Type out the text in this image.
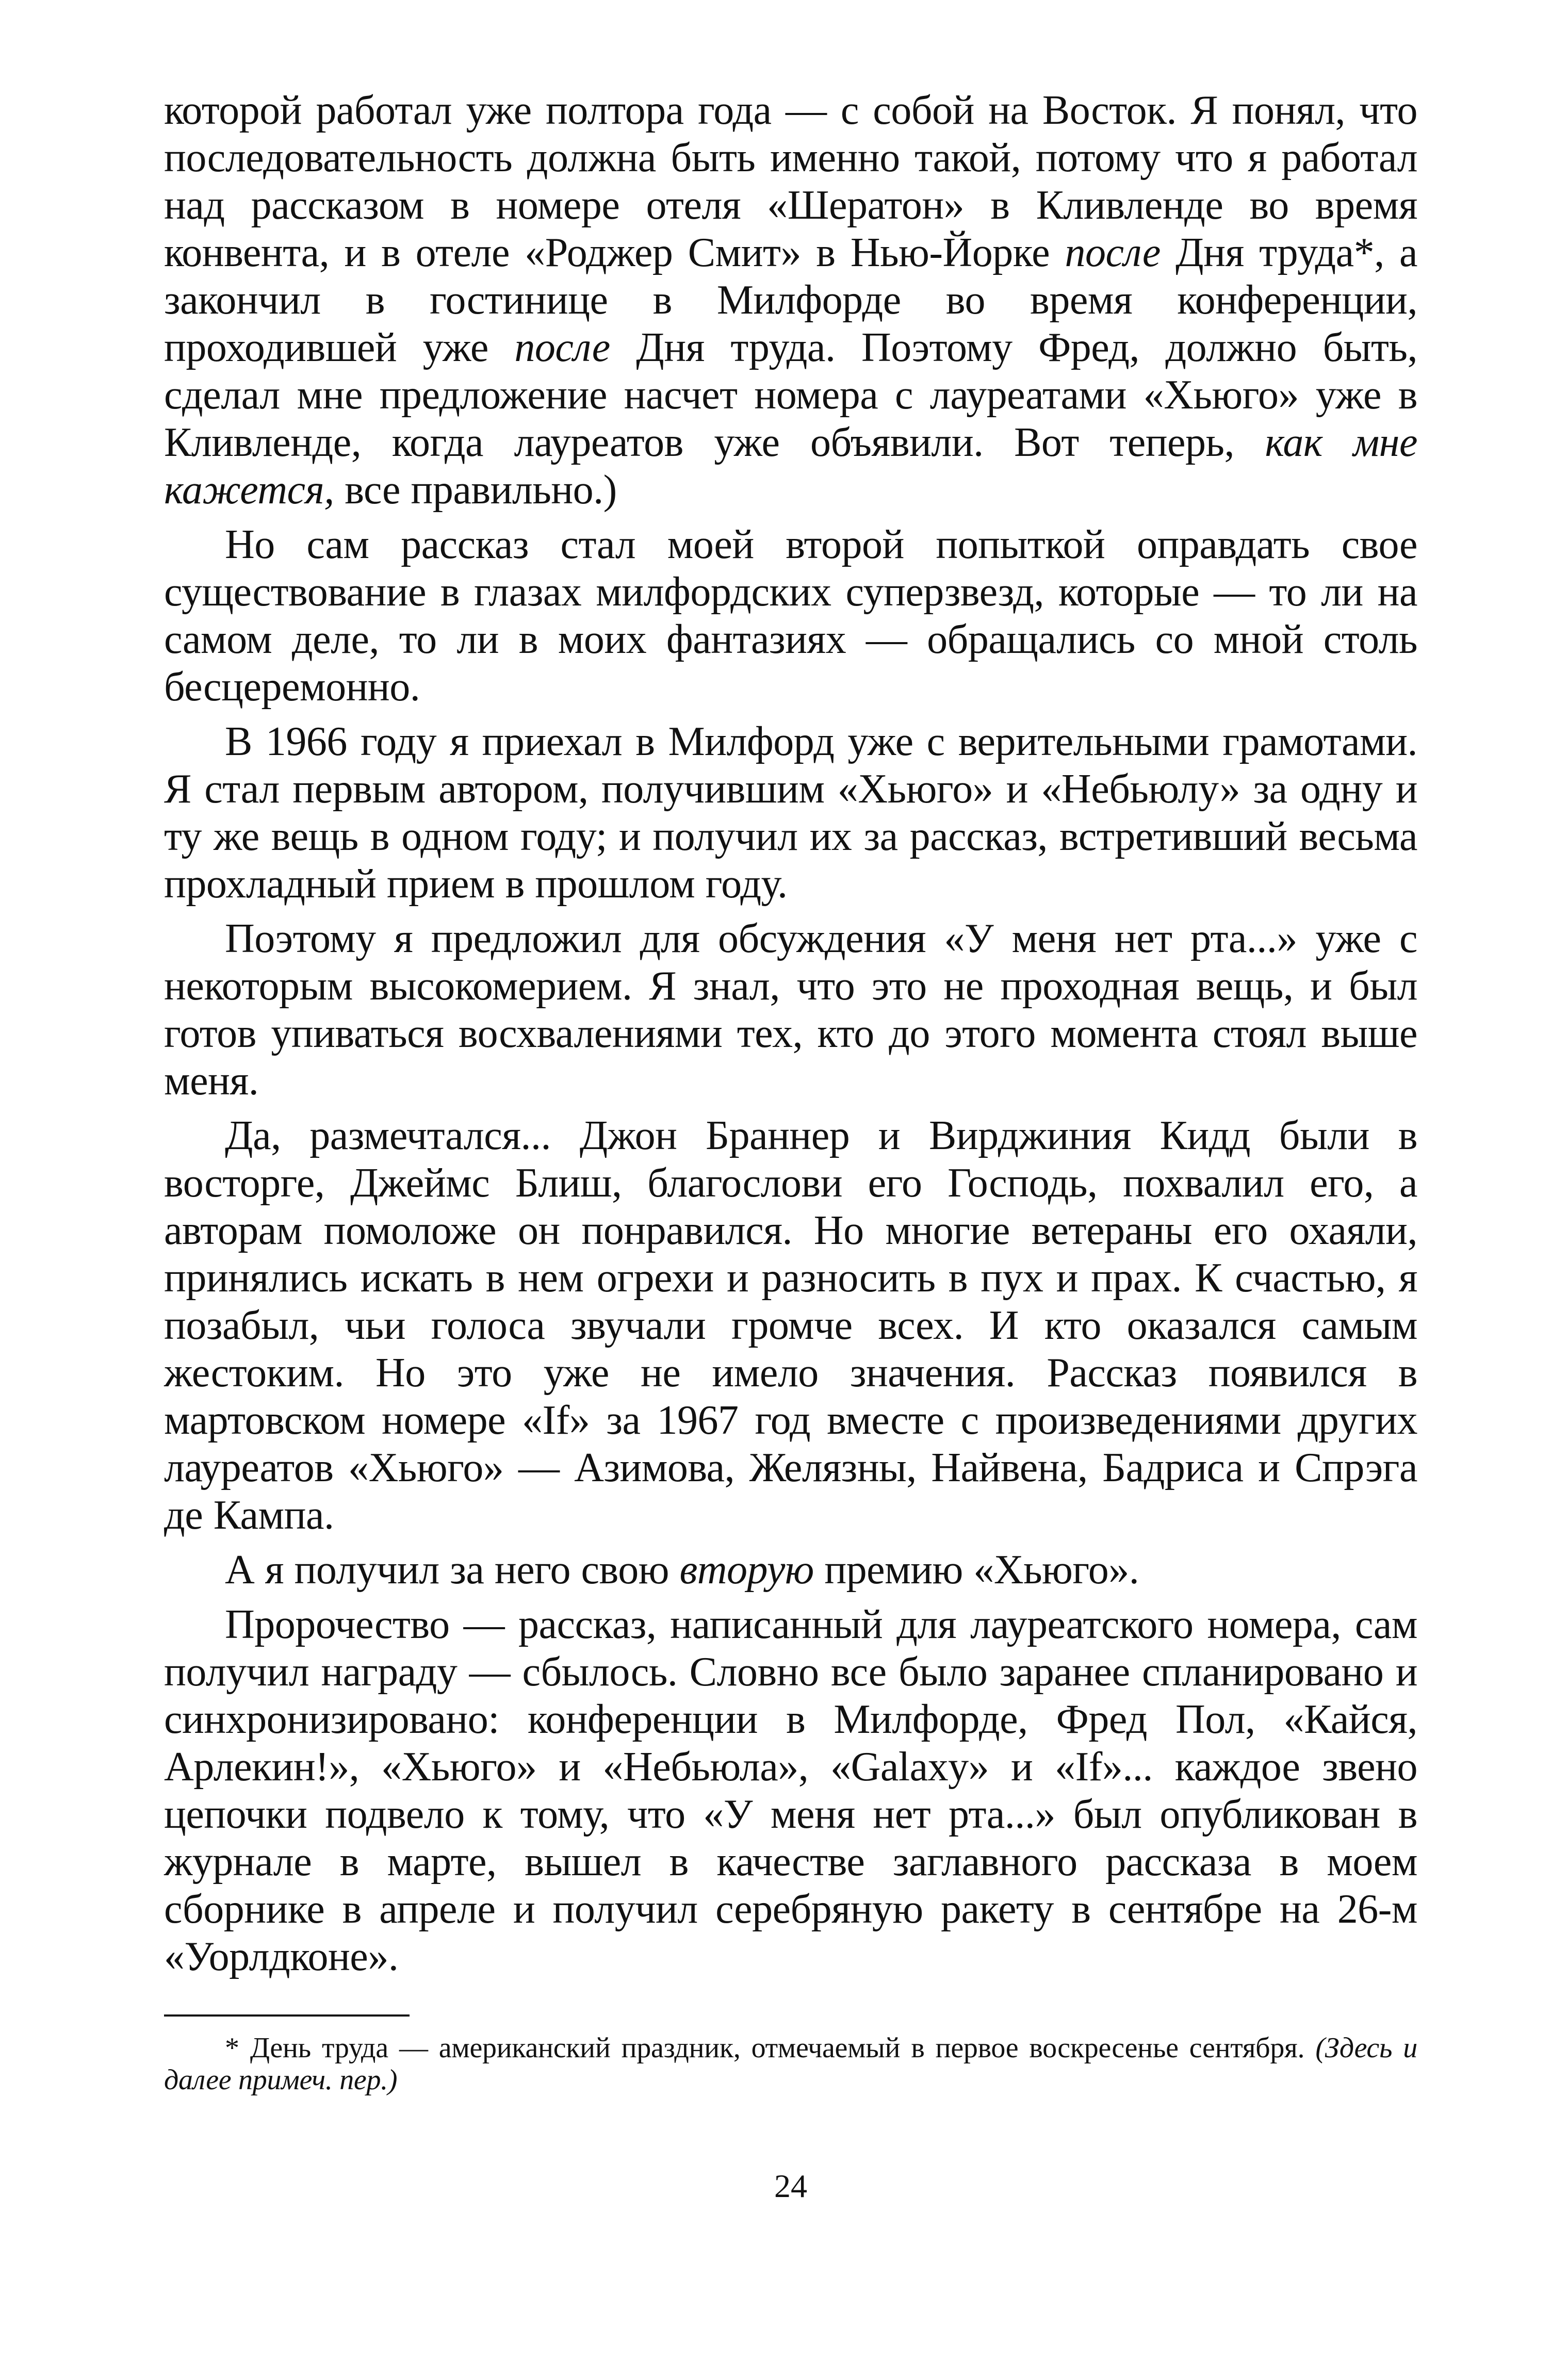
которой работал уже полтора года — с собой на Восток. Я понял, что последовательность должна быть именно такой, потому что я работал над рассказом в номере отеля «Шератон» в Кливленде во время конвента, и в отеле «Роджер Смит» в Нью-Йорке после Дня труда*, а закончил в гостинице в Милфорде во время конференции, проходившей уже после Дня труда. Поэтому Фред, должно быть, сделал мне предложение насчет номера с лауреатами «Хьюго» уже в Кливленде, когда лауреатов уже объявили. Вот теперь, как мне кажется, все правильно.)

Но сам рассказ стал моей второй попыткой оправдать свое существование в глазах милфордских суперзвезд, которые — то ли на самом деле, то ли в моих фантазиях — обращались со мной столь бесцеремонно.

В 1966 году я приехал в Милфорд уже с верительными грамотами. Я стал первым автором, получившим «Хьюго» и «Небьюлу» за одну и ту же вещь в одном году; и получил их за рассказ, встретивший весьма прохладный прием в прошлом году.

Поэтому я предложил для обсуждения «У меня нет рта...» уже с некоторым высокомерием. Я знал, что это не проходная вещь, и был готов упиваться восхвалениями тех, кто до этого момента стоял выше меня.

Да, размечтался... Джон Браннер и Вирджиния Кидд были в восторге, Джеймс Блиш, благослови его Господь, похвалил его, а авторам помоложе он понравился. Но многие ветераны его охаяли, принялись искать в нем огрехи и разносить в пух и прах. К счастью, я позабыл, чьи голоса звучали громче всех. И кто оказался самым жестоким. Но это уже не имело значения. Рассказ появился в мартовском номере «If» за 1967 год вместе с произведениями других лауреатов «Хьюго» — Азимова, Желязны, Найвена, Бадриса и Спрэга де Кампа.

А я получил за него свою вторую премию «Хьюго».

Пророчество — рассказ, написанный для лауреатского номера, сам получил награду — сбылось. Словно все было заранее спланировано и синхронизировано: конференции в Милфорде, Фред Пол, «Кайся, Арлекин!», «Хьюго» и «Небьюла», «Galaxy» и «If»... каждое звено цепочки подвело к тому, что «У меня нет рта...» был опубликован в журнале в марте, вышел в качестве заглавного рассказа в моем сборнике в апреле и получил серебряную ракету в сентябре на 26-м «Уорлдконе».

* День труда — американский праздник, отмечаемый в первое воскресенье сентября. (Здесь и далее примеч. пер.)

24
